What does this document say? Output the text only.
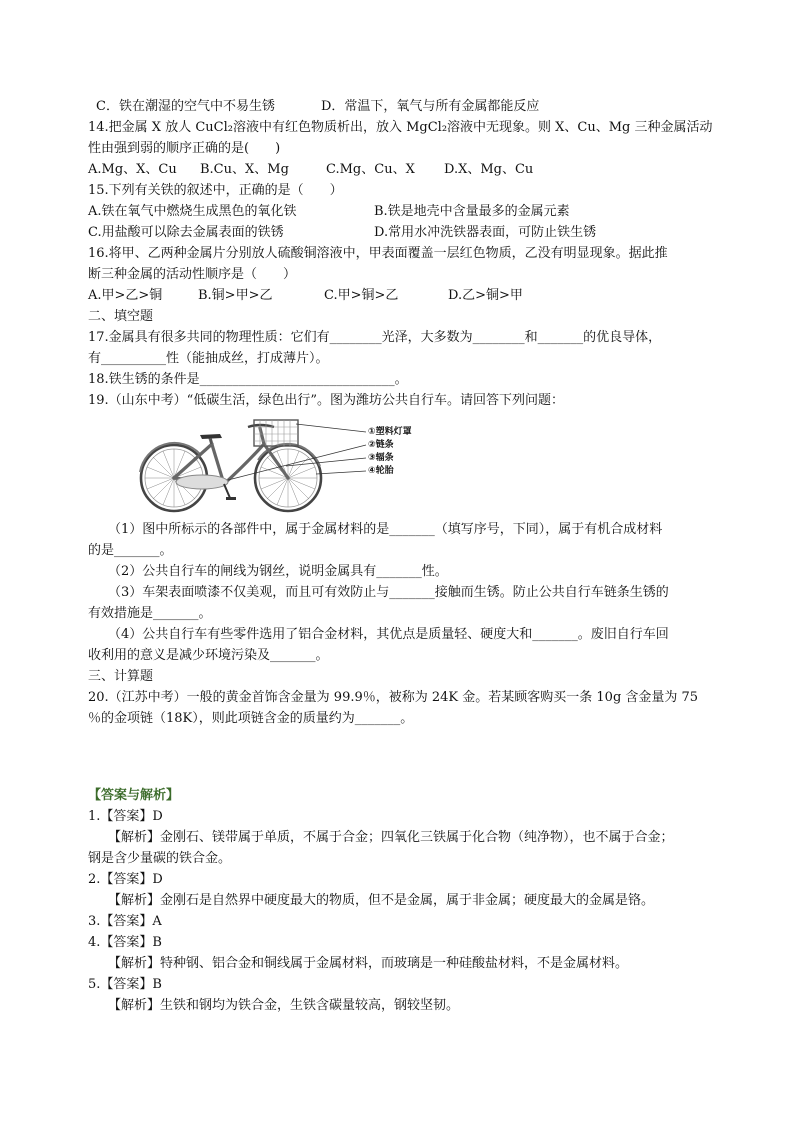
C．铁在潮湿的空气中不易生锈	D．常温下，氧气与所有金属都能反应
14.把金属 X 放人 CuCl₂溶液中有红色物质析出，放入 MgCl₂溶液中无现象。则 X、Cu、Mg 三种金属活动
性由强到弱的顺序正确的是(　　)
A.Mg、X、Cu	B.Cu、X、Mg	C.Mg、Cu、X	D.X、Mg、Cu
15.下列有关铁的叙述中，正确的是（　　）
A.铁在氧气中燃烧生成黑色的氧化铁	B.铁是地壳中含量最多的金属元素
C.用盐酸可以除去金属表面的铁锈	D.常用水冲洗铁器表面，可防止铁生锈
16.将甲、乙两种金属片分别放人硫酸铜溶液中，甲表面覆盖一层红色物质，乙没有明显现象。据此推
断三种金属的活动性顺序是（　　）
A.甲>乙>铜	B.铜>甲>乙	C.甲>铜>乙	D.乙>铜>甲
二、填空题
17.金属具有很多共同的物理性质：它们有________光泽，大多数为________和_______的优良导体，
有__________性（能抽成丝，打成薄片）。
18.铁生锈的条件是______________________________。
19.（山东中考）“低碳生活，绿色出行”。图为潍坊公共自行车。请回答下列问题：
①塑料灯罩
②链条
③辐条
④轮胎
（1）图中所标示的各部件中，属于金属材料的是_______（填写序号，下同），属于有机合成材料
的是_______。
（2）公共自行车的闸线为钢丝，说明金属具有_______性。
（3）车架表面喷漆不仅美观，而且可有效防止与_______接触而生锈。防止公共自行车链条生锈的
有效措施是_______。
（4）公共自行车有些零件选用了铝合金材料，其优点是质量轻、硬度大和_______。废旧自行车回
收利用的意义是减少环境污染及_______。
三、计算题
20.（江苏中考）一般的黄金首饰含金量为 99.9％，被称为 24K 金。若某顾客购买一条 10g 含金量为 75
％的金项链（18K），则此项链含金的质量约为_______。
【答案与解析】
1.【答案】D
【解析】金刚石、镁带属于单质，不属于合金；四氧化三铁属于化合物（纯净物），也不属于合金；
钢是含少量碳的铁合金。
2.【答案】D
【解析】金刚石是自然界中硬度最大的物质，但不是金属，属于非金属；硬度最大的金属是铬。
3.【答案】A
4.【答案】B
【解析】特种钢、铝合金和铜线属于金属材料，而玻璃是一种硅酸盐材料，不是金属材料。
5.【答案】B
【解析】生铁和钢均为铁合金，生铁含碳量较高，钢较坚韧。
